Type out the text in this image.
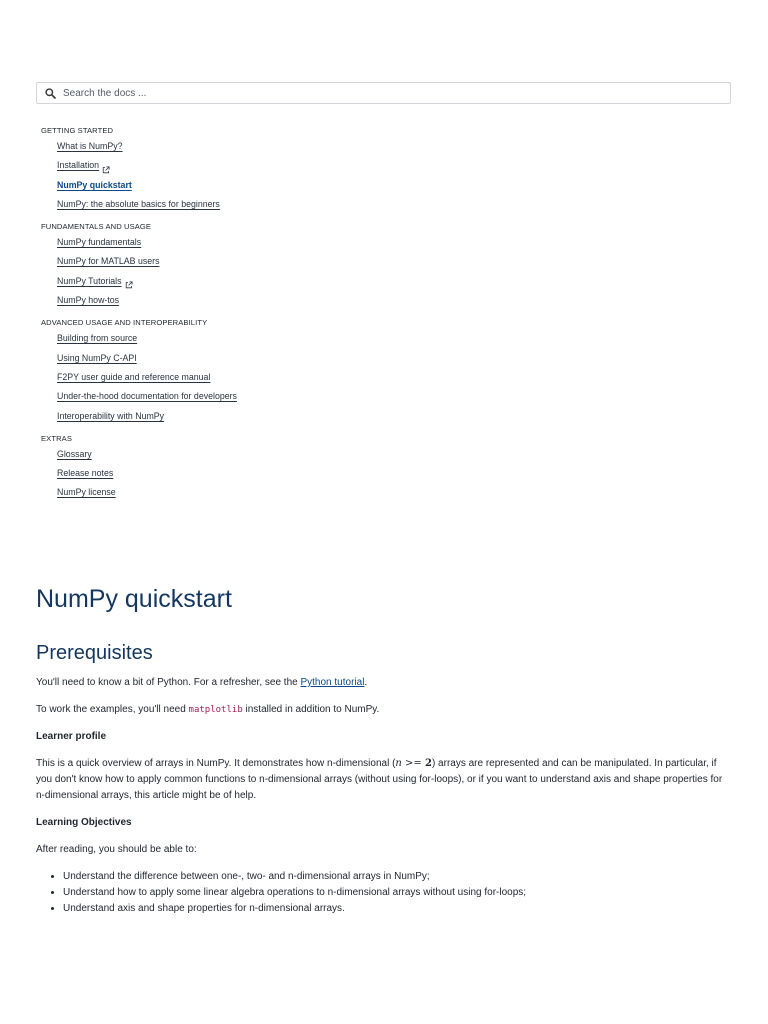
Search the docs ...

GETTING STARTED

What is NumPy?
Installation
NumPy quickstart
NumPy: the absolute basics for beginners

FUNDAMENTALS AND USAGE

NumPy fundamentals
NumPy for MATLAB users
NumPy Tutorials
NumPy how-tos

ADVANCED USAGE AND INTEROPERABILITY

Building from source
Using NumPy C-API
F2PY user guide and reference manual
Under-the-hood documentation for developers
Interoperability with NumPy

EXTRAS

Glossary
Release notes
NumPy license
NumPy quickstart
Prerequisites

You'll need to know a bit of Python. For a refresher, see the Python tutorial.

To work the examples, you'll need matplotlib installed in addition to NumPy.

Learner profile

This is a quick overview of arrays in NumPy. It demonstrates how n-dimensional (n >= 2) arrays are represented and can be manipulated. In particular, if you don't know how to apply common functions to n-dimensional arrays (without using for-loops), or if you want to understand axis and shape properties for n-dimensional arrays, this article might be of help.

Learning Objectives

After reading, you should be able to:

• Understand the difference between one-, two- and n-dimensional arrays in NumPy;
• Understand how to apply some linear algebra operations to n-dimensional arrays without using for-loops;
• Understand axis and shape properties for n-dimensional arrays.
